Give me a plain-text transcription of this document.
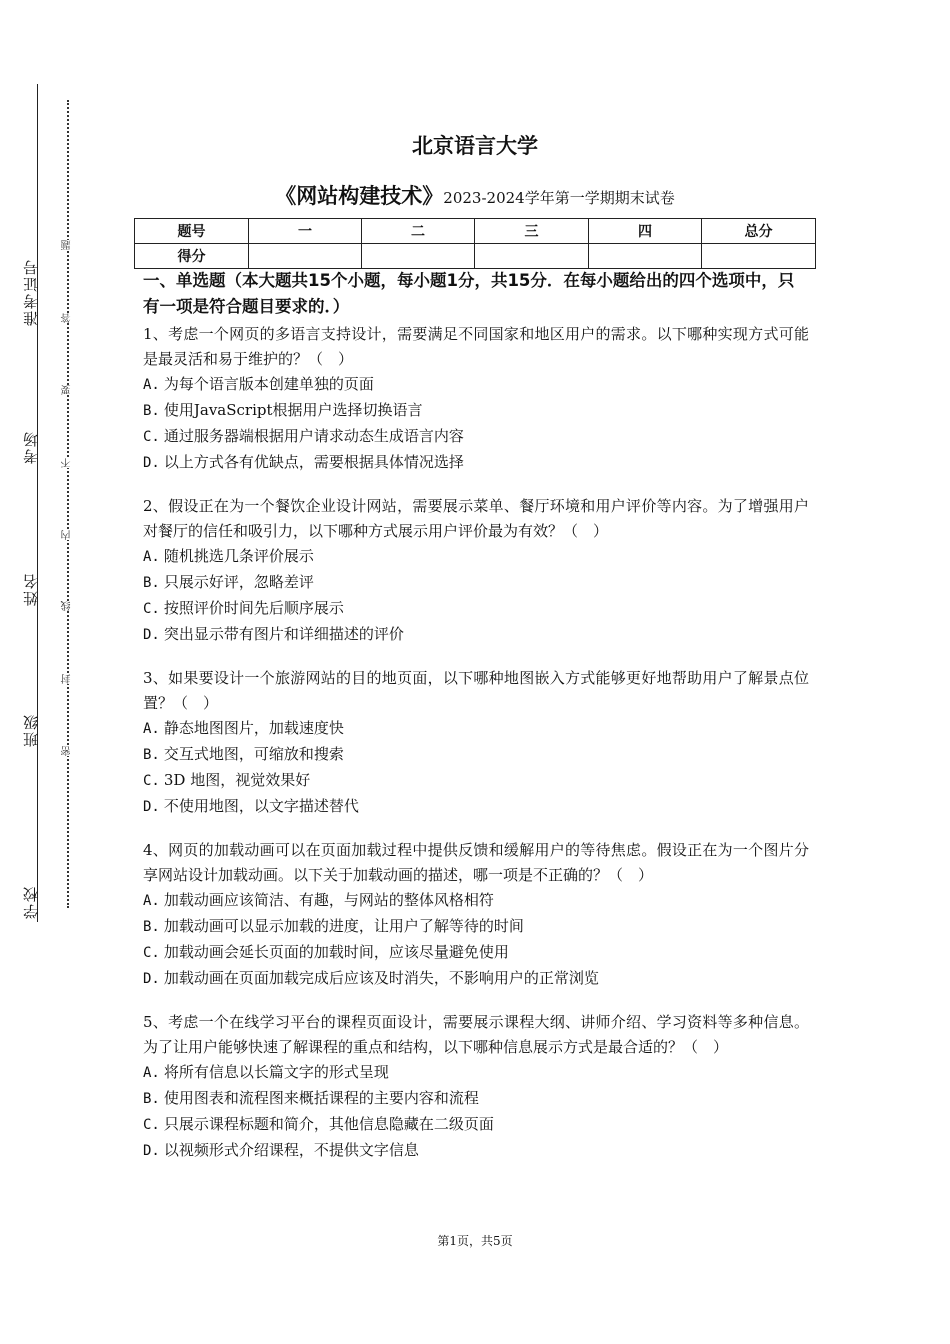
准考证号
考场
姓名
班级
学校
题
答
要
不
内
线
封
密
北京语言大学
《网站构建技术》2023-2024学年第一学期期末试卷
题号	一	二	三	四	总分
得分					

一、单选题（本大题共15个小题，每小题1分，共15分．在每小题给出的四个选项中，只有一项是符合题目要求的．）

1、考虑一个网页的多语言支持设计，需要满足不同国家和地区用户的需求。以下哪种实现方式可能是最灵活和易于维护的？（　）

A. 为每个语言版本创建单独的页面

B. 使用JavaScript根据用户选择切换语言

C. 通过服务器端根据用户请求动态生成语言内容

D. 以上方式各有优缺点，需要根据具体情况选择

2、假设正在为一个餐饮企业设计网站，需要展示菜单、餐厅环境和用户评价等内容。为了增强用户对餐厅的信任和吸引力，以下哪种方式展示用户评价最为有效？（　）

A. 随机挑选几条评价展示

B. 只展示好评，忽略差评

C. 按照评价时间先后顺序展示

D. 突出显示带有图片和详细描述的评价

3、如果要设计一个旅游网站的目的地页面，以下哪种地图嵌入方式能够更好地帮助用户了解景点位置？（　）

A. 静态地图图片，加载速度快

B. 交互式地图，可缩放和搜索

C. 3D 地图，视觉效果好

D. 不使用地图，以文字描述替代

4、网页的加载动画可以在页面加载过程中提供反馈和缓解用户的等待焦虑。假设正在为一个图片分享网站设计加载动画。以下关于加载动画的描述，哪一项是不正确的？（　）

A. 加载动画应该简洁、有趣，与网站的整体风格相符

B. 加载动画可以显示加载的进度，让用户了解等待的时间

C. 加载动画会延长页面的加载时间，应该尽量避免使用

D. 加载动画在页面加载完成后应该及时消失，不影响用户的正常浏览

5、考虑一个在线学习平台的课程页面设计，需要展示课程大纲、讲师介绍、学习资料等多种信息。为了让用户能够快速了解课程的重点和结构，以下哪种信息展示方式是最合适的？（　）

A. 将所有信息以长篇文字的形式呈现

B. 使用图表和流程图来概括课程的主要内容和流程

C. 只展示课程标题和简介，其他信息隐藏在二级页面

D. 以视频形式介绍课程，不提供文字信息

第1页，共5页
